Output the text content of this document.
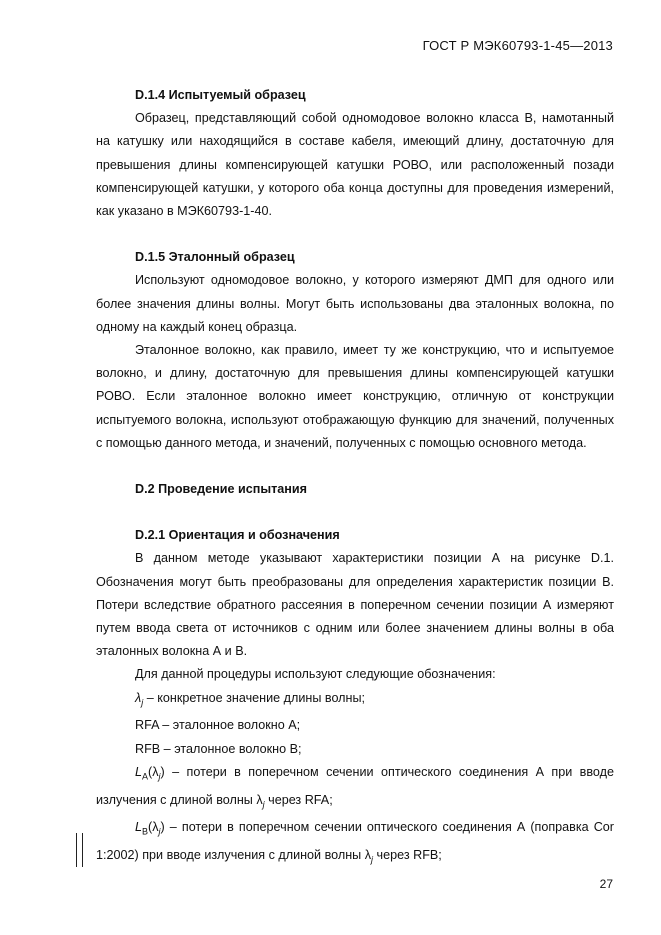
ГОСТ Р МЭК60793-1-45—2013

D.1.4 Испытуемый образец

Образец, представляющий собой одномодовое волокно класса В, намотанный на катушку или находящийся в составе кабеля, имеющий длину, достаточную для превышения длины компенсирующей катушки РОВО, или расположенный позади компенсирующей катушки, у которого оба конца доступны для проведения измерений, как указано в МЭК60793-1-40.

D.1.5 Эталонный образец

Используют одномодовое волокно, у которого измеряют ДМП для одного или более значения длины волны. Могут быть использованы два эталонных волокна, по одному на каждый конец образца.

Эталонное волокно, как правило, имеет ту же конструкцию, что и испытуемое волокно, и длину, достаточную для превышения длины компенсирующей катушки РОВО. Если эталонное волокно имеет конструкцию, отличную от конструкции испытуемого волокна, используют отображающую функцию для значений, полученных с помощью данного метода, и значений, полученных с помощью основного метода.

D.2 Проведение испытания

D.2.1 Ориентация и обозначения

В данном методе указывают характеристики позиции А на рисунке D.1. Обозначения могут быть преобразованы для определения характеристик позиции В. Потери вследствие обратного рассеяния в поперечном сечении позиции А измеряют путем ввода света от источников с одним или более значением длины волны в оба эталонных волокна А и В.

Для данной процедуры используют следующие обозначения:

$\lambda_j$ – конкретное значение длины волны;

RFA – эталонное волокно A;

RFB – эталонное волокно B;

$L_A(\lambda_j)$ – потери в поперечном сечении оптического соединения А при вводе излучения с длиной волны $\lambda_j$ через RFA;

$L_B(\lambda_j)$ – потери в поперечном сечении оптического соединения А (поправка Cor 1:2002) при вводе излучения с длиной волны $\lambda_j$ через RFB;

27
